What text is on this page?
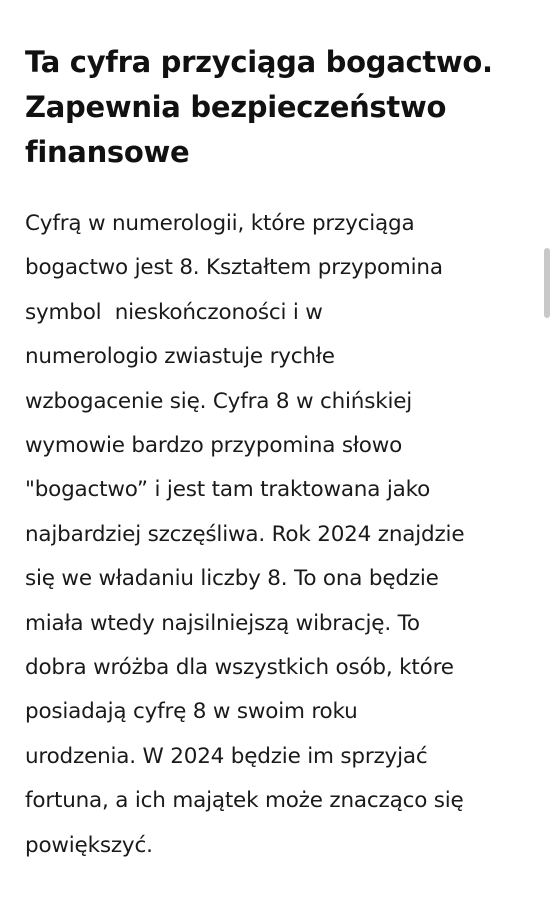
Ta cyfra przyciąga bogactwo.
Zapewnia bezpieczeństwo
finansowe

Cyfrą w numerologii, które przyciąga
bogactwo jest 8. Kształtem przypomina
symbol  nieskończoności i w
numerologio zwiastuje rychłe
wzbogacenie się. Cyfra 8 w chińskiej
wymowie bardzo przypomina słowo
"bogactwo” i jest tam traktowana jako
najbardziej szczęśliwa. Rok 2024 znajdzie
się we władaniu liczby 8. To ona będzie
miała wtedy najsilniejszą wibrację. To
dobra wróżba dla wszystkich osób, które
posiadają cyfrę 8 w swoim roku
urodzenia. W 2024 będzie im sprzyjać
fortuna, a ich majątek może znacząco się
powiększyć.
